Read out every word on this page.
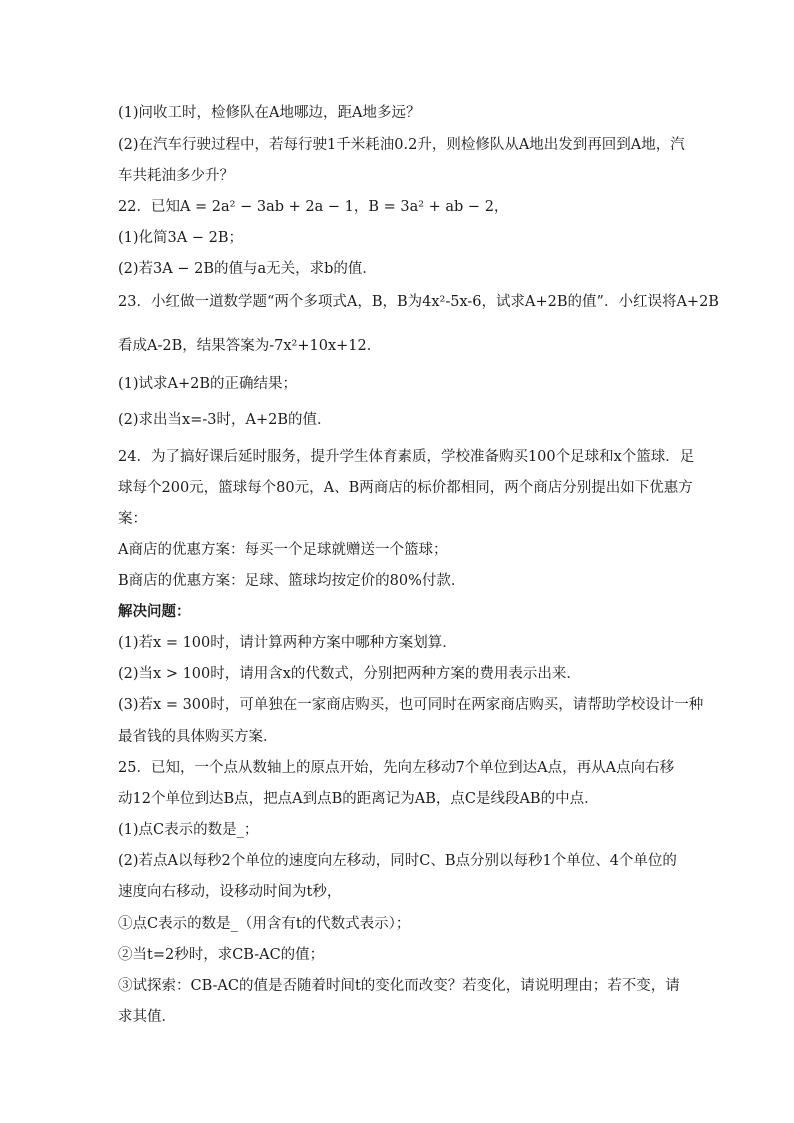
(1)问收工时，检修队在A地哪边，距A地多远？
(2)在汽车行驶过程中，若每行驶1千米耗油0.2升，则检修队从A地出发到再回到A地，汽
车共耗油多少升？
22．已知A = 2a² − 3ab + 2a − 1，B = 3a² + ab − 2，
(1)化简3A − 2B；
(2)若3A − 2B的值与a无关，求b的值．
23．小红做一道数学题“两个多项式A，B，B为4x²-5x-6，试求A+2B的值”．小红误将A+2B
看成A-2B，结果答案为-7x²+10x+12．
(1)试求A+2B的正确结果；
(2)求出当x=-3时，A+2B的值．
24．为了搞好课后延时服务，提升学生体育素质，学校准备购买100个足球和x个篮球．足
球每个200元，篮球每个80元，A、B两商店的标价都相同，两个商店分别提出如下优惠方
案：
A商店的优惠方案：每买一个足球就赠送一个篮球；
B商店的优惠方案：足球、篮球均按定价的80%付款．
解决问题：
(1)若x = 100时，请计算两种方案中哪种方案划算．
(2)当x > 100时，请用含x的代数式，分别把两种方案的费用表示出来．
(3)若x = 300时，可单独在一家商店购买，也可同时在两家商店购买，请帮助学校设计一种
最省钱的具体购买方案．
25．已知，一个点从数轴上的原点开始，先向左移动7个单位到达A点，再从A点向右移
动12个单位到达B点，把点A到点B的距离记为AB，点C是线段AB的中点．
(1)点C表示的数是_；
(2)若点A以每秒2个单位的速度向左移动，同时C、B点分别以每秒1个单位、4个单位的
速度向右移动，设移动时间为t秒，
①点C表示的数是_（用含有t的代数式表示）；
②当t=2秒时，求CB-AC的值；
③试探索：CB-AC的值是否随着时间t的变化而改变？若变化，请说明理由；若不变，请
求其值．
